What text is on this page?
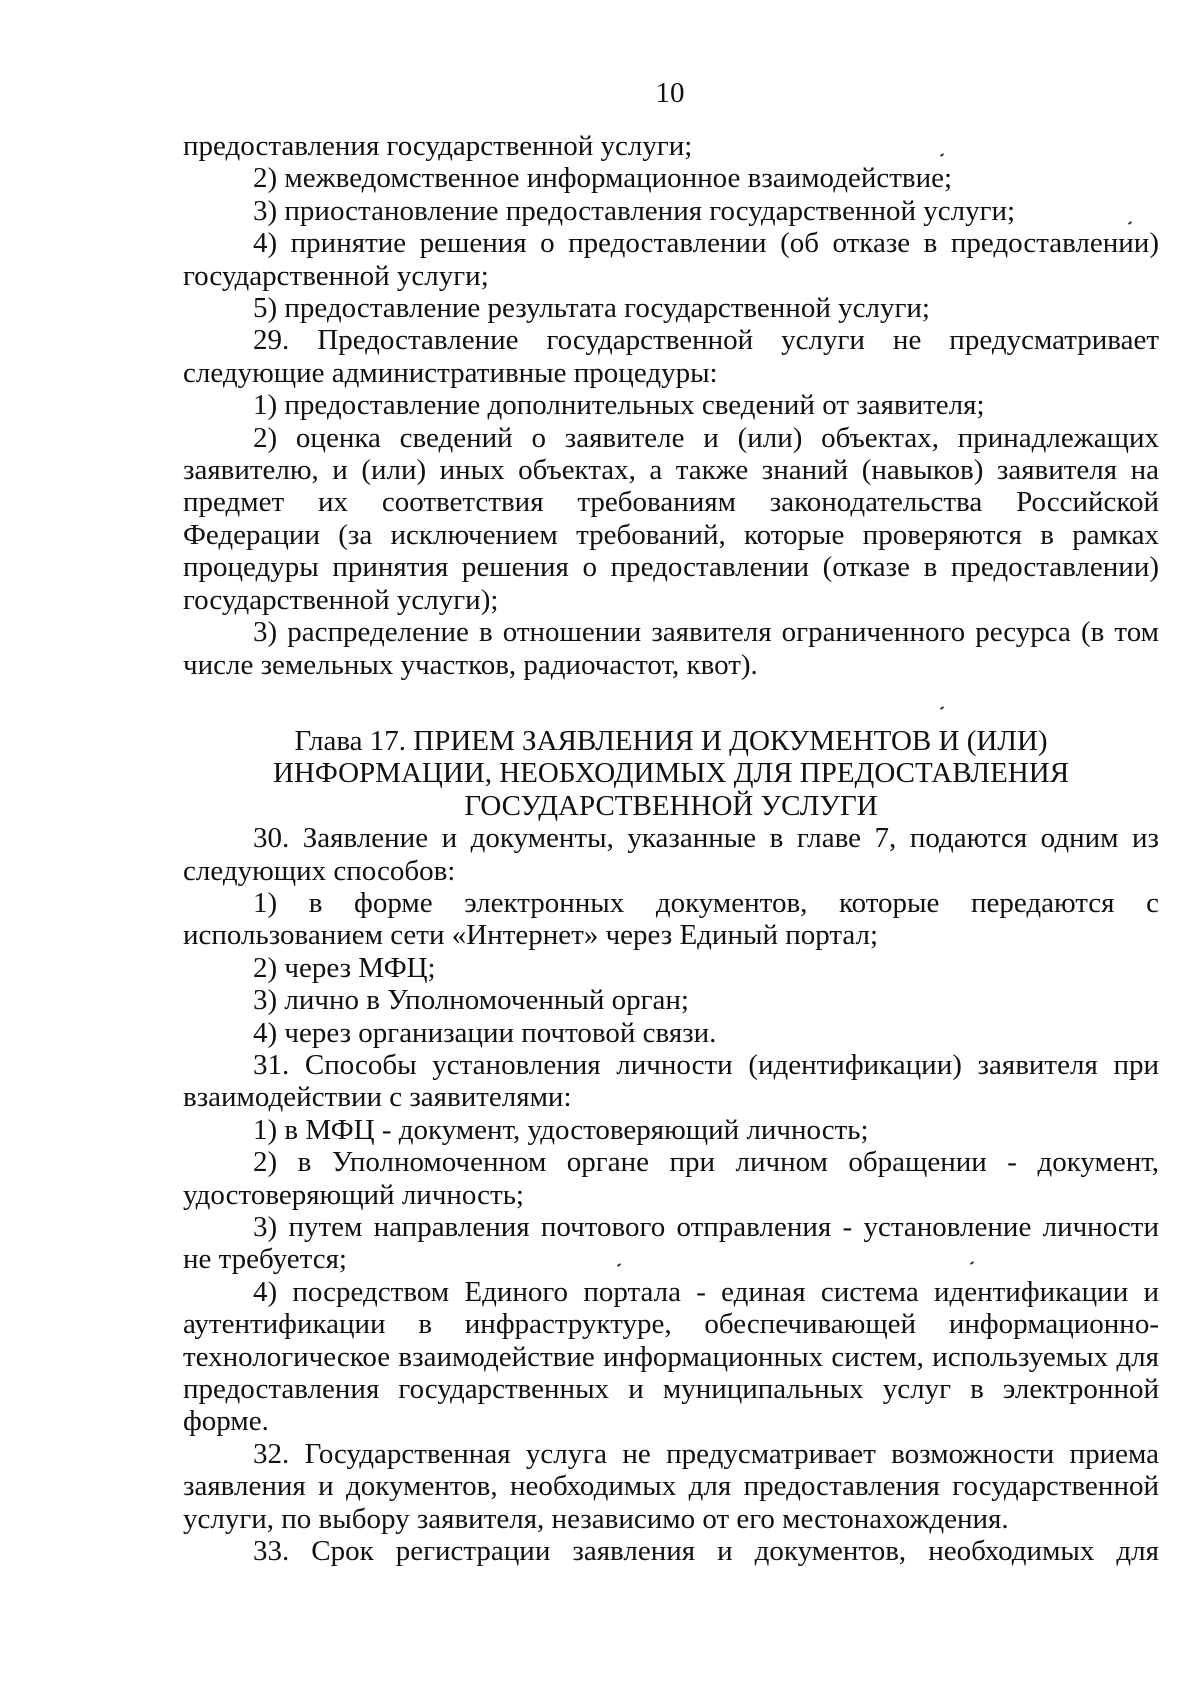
10

предоставления государственной услуги;

2) межведомственное информационное взаимодействие;

3) приостановление предоставления государственной услуги;

4) принятие решения о предоставлении (об отказе в предоставлении) государственной услуги;

5) предоставление результата государственной услуги;

29. Предоставление государственной услуги не предусматривает следующие административные процедуры:

1) предоставление дополнительных сведений от заявителя;

2) оценка сведений о заявителе и (или) объектах, принадлежащих заявителю, и (или) иных объектах, а также знаний (навыков) заявителя на предмет их соответствия требованиям законодательства Российской Федерации (за исключением требований, которые проверяются в рамках процедуры принятия решения о предоставлении (отказе в предоставлении) государственной услуги);

3) распределение в отношении заявителя ограниченного ресурса (в том числе земельных участков, радиочастот, квот).

Глава 17. ПРИЕМ ЗАЯВЛЕНИЯ И ДОКУМЕНТОВ И (ИЛИ)
ИНФОРМАЦИИ, НЕОБХОДИМЫХ ДЛЯ ПРЕДОСТАВЛЕНИЯ
ГОСУДАРСТВЕННОЙ УСЛУГИ

30. Заявление и документы, указанные в главе 7, подаются одним из следующих способов:

1) в форме электронных документов, которые передаются с использованием сети «Интернет» через Единый портал;

2) через МФЦ;

3) лично в Уполномоченный орган;

4) через организации почтовой связи.

31. Способы установления личности (идентификации) заявителя при взаимодействии с заявителями:

1) в МФЦ - документ, удостоверяющий личность;

2) в Уполномоченном органе при личном обращении - документ, удостоверяющий личность;

3) путем направления почтового отправления - установление личности не требуется;

4) посредством Единого портала - единая система идентификации и аутентификации в инфраструктуре, обеспечивающей информационно-технологическое взаимодействие информационных систем, используемых для предоставления государственных и муниципальных услуг в электронной форме.

32. Государственная услуга не предусматривает возможности приема заявления и документов, необходимых для предоставления государственной услуги, по выбору заявителя, независимо от его местонахождения.

33. Срок регистрации заявления и документов, необходимых для
